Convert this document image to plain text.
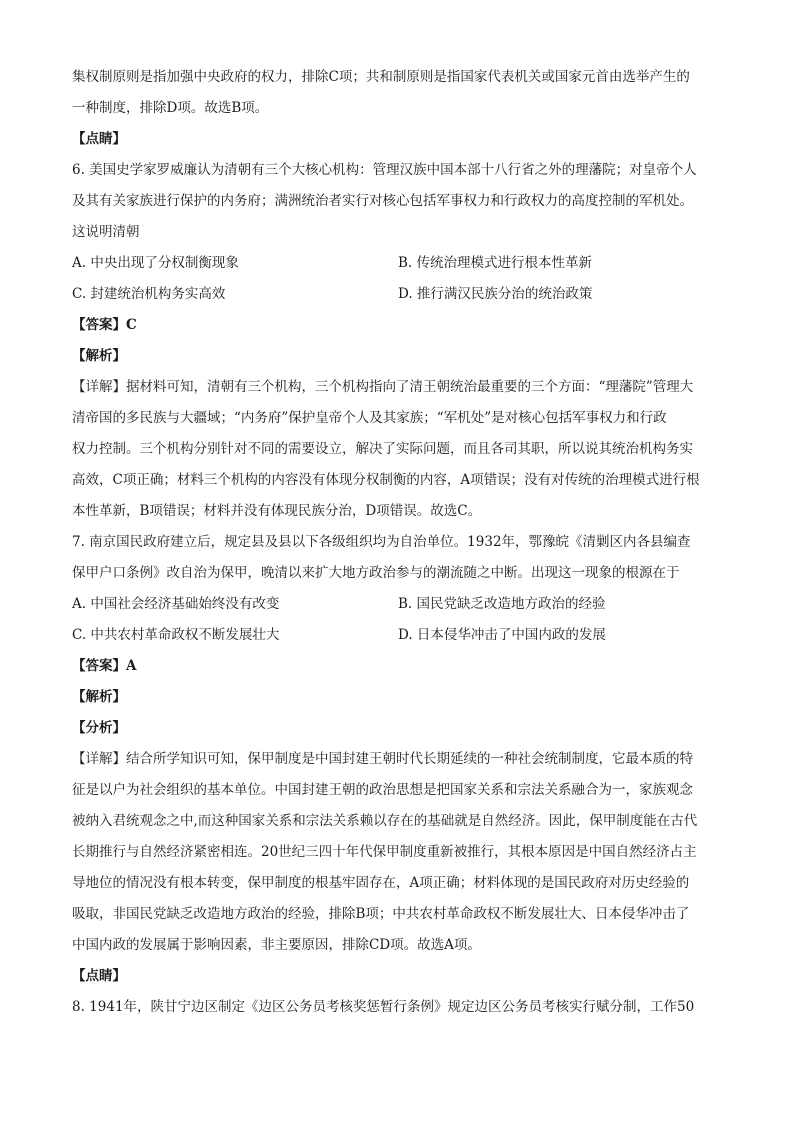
集权制原则是指加强中央政府的权力，排除C项；共和制原则是指国家代表机关或国家元首由选举产生的
一种制度，排除D项。故选B项。
【点睛】
6. 美国史学家罗威廉认为清朝有三个大核心机构：管理汉族中国本部十八行省之外的理藩院；对皇帝个人
及其有关家族进行保护的内务府；满洲统治者实行对核心包括军事权力和行政权力的高度控制的军机处。
这说明清朝
A. 中央出现了分权制衡现象	B. 传统治理模式进行根本性革新
C. 封建统治机构务实高效	D. 推行满汉民族分治的统治政策
【答案】C
【解析】
【详解】据材料可知，清朝有三个机构，三个机构指向了清王朝统治最重要的三个方面：“理藩院”管理大
清帝国的多民族与大疆域；“内务府”保护皇帝个人及其家族；“军机处”是对核心包括军事权力和行政
权力控制。三个机构分别针对不同的需要设立，解决了实际问题，而且各司其职，所以说其统治机构务实
高效，C项正确；材料三个机构的内容没有体现分权制衡的内容，A项错误；没有对传统的治理模式进行根
本性革新，B项错误；材料并没有体现民族分治，D项错误。故选C。
7. 南京国民政府建立后，规定县及县以下各级组织均为自治单位。1932年，鄂豫皖《清剿区内各县编查
保甲户口条例》改自治为保甲，晚清以来扩大地方政治参与的潮流随之中断。出现这一现象的根源在于
A. 中国社会经济基础始终没有改变	B. 国民党缺乏改造地方政治的经验
C. 中共农村革命政权不断发展壮大	D. 日本侵华冲击了中国内政的发展
【答案】A
【解析】
【分析】
【详解】结合所学知识可知，保甲制度是中国封建王朝时代长期延续的一种社会统制制度，它最本质的特
征是以户为社会组织的基本单位。中国封建王朝的政治思想是把国家关系和宗法关系融合为一，家族观念
被纳入君统观念之中,而这种国家关系和宗法关系赖以存在的基础就是自然经济。因此，保甲制度能在古代
长期推行与自然经济紧密相连。20世纪三四十年代保甲制度重新被推行，其根本原因是中国自然经济占主
导地位的情况没有根本转变，保甲制度的根基牢固存在，A项正确；材料体现的是国民政府对历史经验的
吸取，非国民党缺乏改造地方政治的经验，排除B项；中共农村革命政权不断发展壮大、日本侵华冲击了
中国内政的发展属于影响因素，非主要原因，排除CD项。故选A项。
【点睛】
8. 1941年，陕甘宁边区制定《边区公务员考核奖惩暂行条例》规定边区公务员考核实行赋分制，工作50
